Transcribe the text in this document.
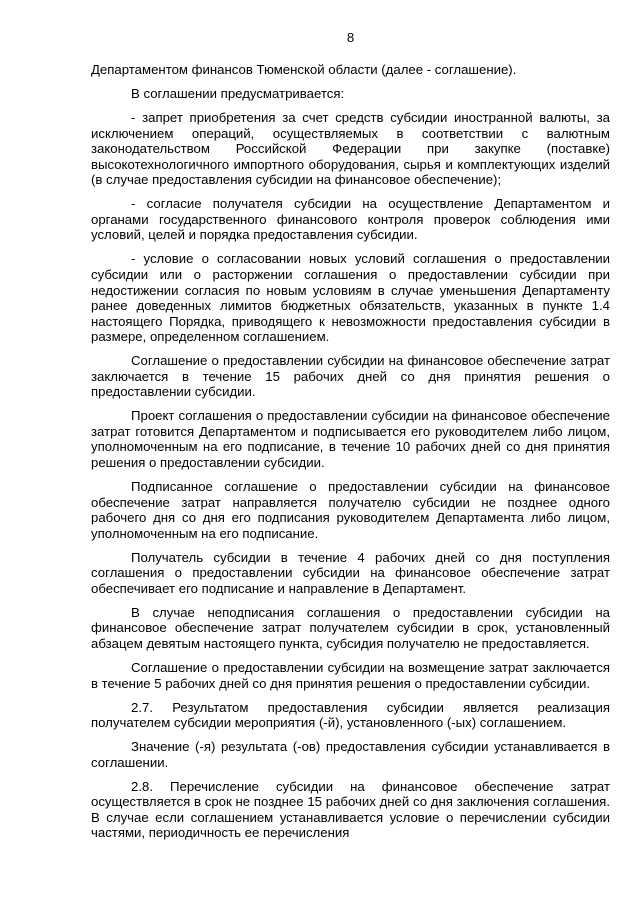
8

Департаментом финансов Тюменской области (далее - соглашение).

В соглашении предусматривается:

- запрет приобретения за счет средств субсидии иностранной валюты, за исключением операций, осуществляемых в соответствии с валютным законодательством Российской Федерации при закупке (поставке) высокотехнологичного импортного оборудования, сырья и комплектующих изделий (в случае предоставления субсидии на финансовое обеспечение);

- согласие получателя субсидии на осуществление Департаментом и органами государственного финансового контроля проверок соблюдения ими условий, целей и порядка предоставления субсидии.

- условие о согласовании новых условий соглашения о предоставлении субсидии или о расторжении соглашения о предоставлении субсидии при недостижении согласия по новым условиям в случае уменьшения Департаменту ранее доведенных лимитов бюджетных обязательств, указанных в пункте 1.4 настоящего Порядка, приводящего к невозможности предоставления субсидии в размере, определенном соглашением.

Соглашение о предоставлении субсидии на финансовое обеспечение затрат заключается в течение 15 рабочих дней со дня принятия решения о предоставлении субсидии.

Проект соглашения о предоставлении субсидии на финансовое обеспечение затрат готовится Департаментом и подписывается его руководителем либо лицом, уполномоченным на его подписание, в течение 10 рабочих дней со дня принятия решения о предоставлении субсидии.

Подписанное соглашение о предоставлении субсидии на финансовое обеспечение затрат направляется получателю субсидии не позднее одного рабочего дня со дня его подписания руководителем Департамента либо лицом, уполномоченным на его подписание.

Получатель субсидии в течение 4 рабочих дней со дня поступления соглашения о предоставлении субсидии на финансовое обеспечение затрат обеспечивает его подписание и направление в Департамент.

В случае неподписания соглашения о предоставлении субсидии на финансовое обеспечение затрат получателем субсидии в срок, установленный абзацем девятым настоящего пункта, субсидия получателю не предоставляется.

Соглашение о предоставлении субсидии на возмещение затрат заключается в течение 5 рабочих дней со дня принятия решения о предоставлении субсидии.

2.7. Результатом предоставления субсидии является реализация получателем субсидии мероприятия (-й), установленного (-ых) соглашением.

Значение (-я) результата (-ов) предоставления субсидии устанавливается в соглашении.

2.8. Перечисление субсидии на финансовое обеспечение затрат осуществляется в срок не позднее 15 рабочих дней со дня заключения соглашения. В случае если соглашением устанавливается условие о перечислении субсидии частями, периодичность ее перечисления
